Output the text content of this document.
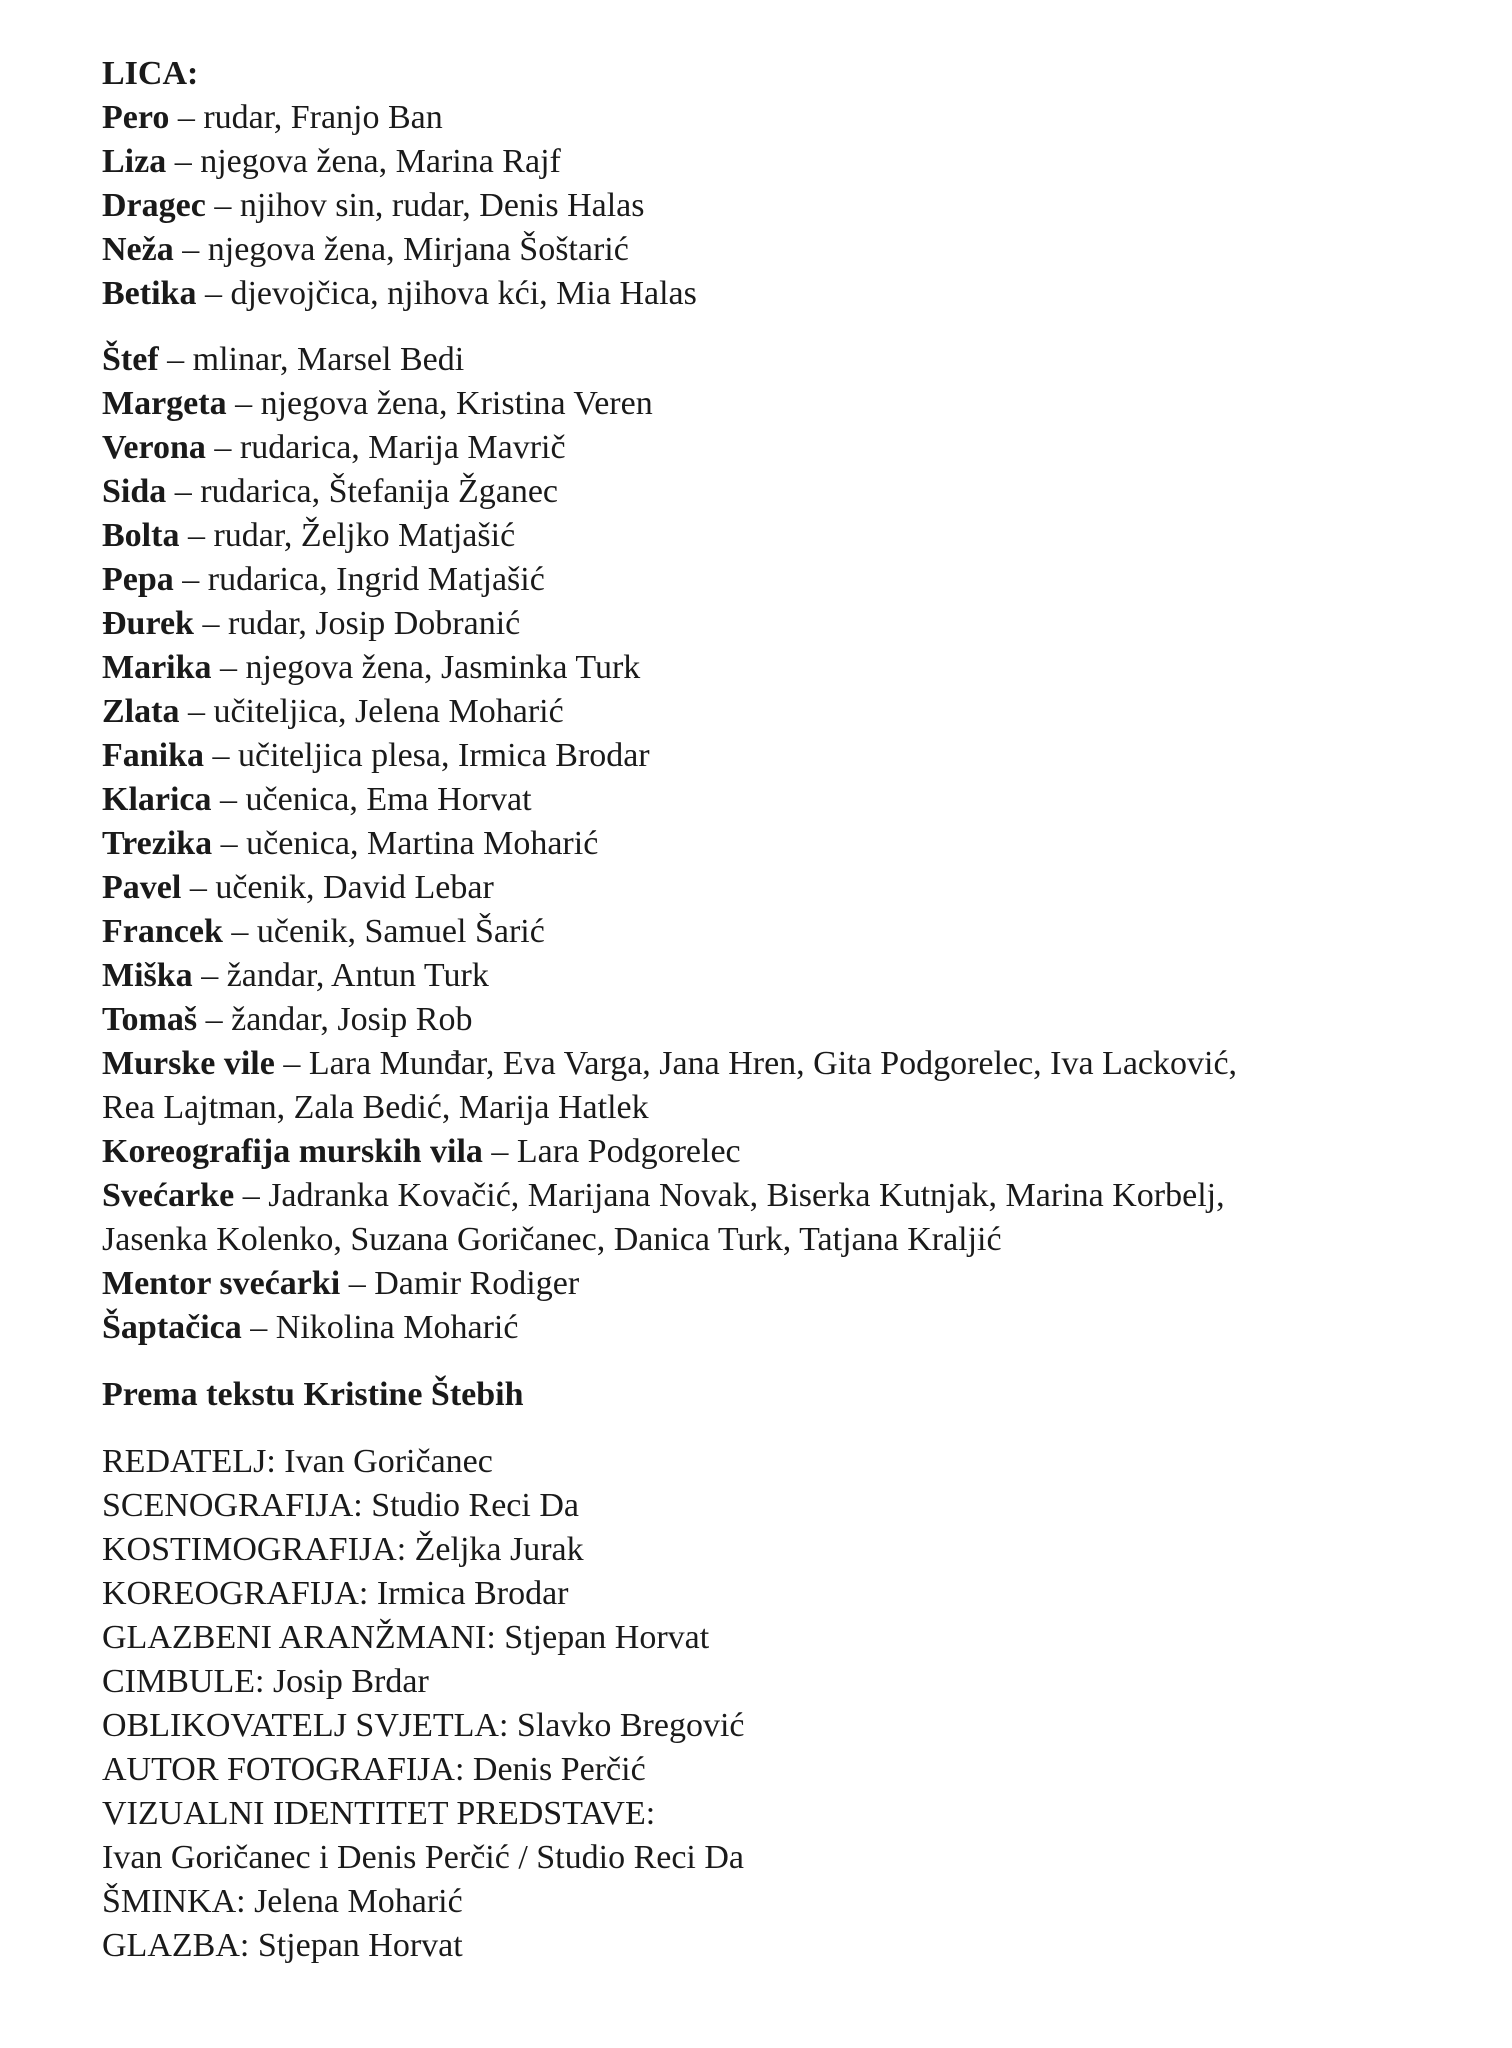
LICA:

Pero – rudar, Franjo Ban

Liza – njegova žena, Marina Rajf

Dragec – njihov sin, rudar, Denis Halas

Neža – njegova žena, Mirjana Šoštarić

Betika – djevojčica, njihova kći, Mia Halas

Štef – mlinar, Marsel Bedi

Margeta – njegova žena, Kristina Veren

Verona – rudarica, Marija Mavrič

Sida – rudarica, Štefanija Žganec

Bolta – rudar, Željko Matjašić

Pepa – rudarica, Ingrid Matjašić

Đurek – rudar, Josip Dobranić

Marika – njegova žena, Jasminka Turk

Zlata – učiteljica, Jelena Moharić

Fanika – učiteljica plesa, Irmica Brodar

Klarica – učenica, Ema Horvat

Trezika – učenica, Martina Moharić

Pavel – učenik, David Lebar

Francek – učenik, Samuel Šarić

Miška – žandar, Antun Turk

Tomaš – žandar, Josip Rob

Murske vile – Lara Munđar, Eva Varga, Jana Hren, Gita Podgorelec, Iva Lacković,

Rea Lajtman, Zala Bedić, Marija Hatlek

Koreografija murskih vila – Lara Podgorelec

Svećarke – Jadranka Kovačić, Marijana Novak, Biserka Kutnjak, Marina Korbelj,

Jasenka Kolenko, Suzana Goričanec, Danica Turk, Tatjana Kraljić

Mentor svećarki – Damir Rodiger

Šaptačica – Nikolina Moharić

Prema tekstu Kristine Štebih

REDATELJ: Ivan Goričanec

SCENOGRAFIJA: Studio Reci Da

KOSTIMOGRAFIJA: Željka Jurak

KOREOGRAFIJA: Irmica Brodar

GLAZBENI ARANŽMANI: Stjepan Horvat

CIMBULE: Josip Brdar

OBLIKOVATELJ SVJETLA: Slavko Bregović

AUTOR FOTOGRAFIJA: Denis Perčić

VIZUALNI IDENTITET PREDSTAVE:

Ivan Goričanec i Denis Perčić / Studio Reci Da

ŠMINKA: Jelena Moharić

GLAZBA: Stjepan Horvat
